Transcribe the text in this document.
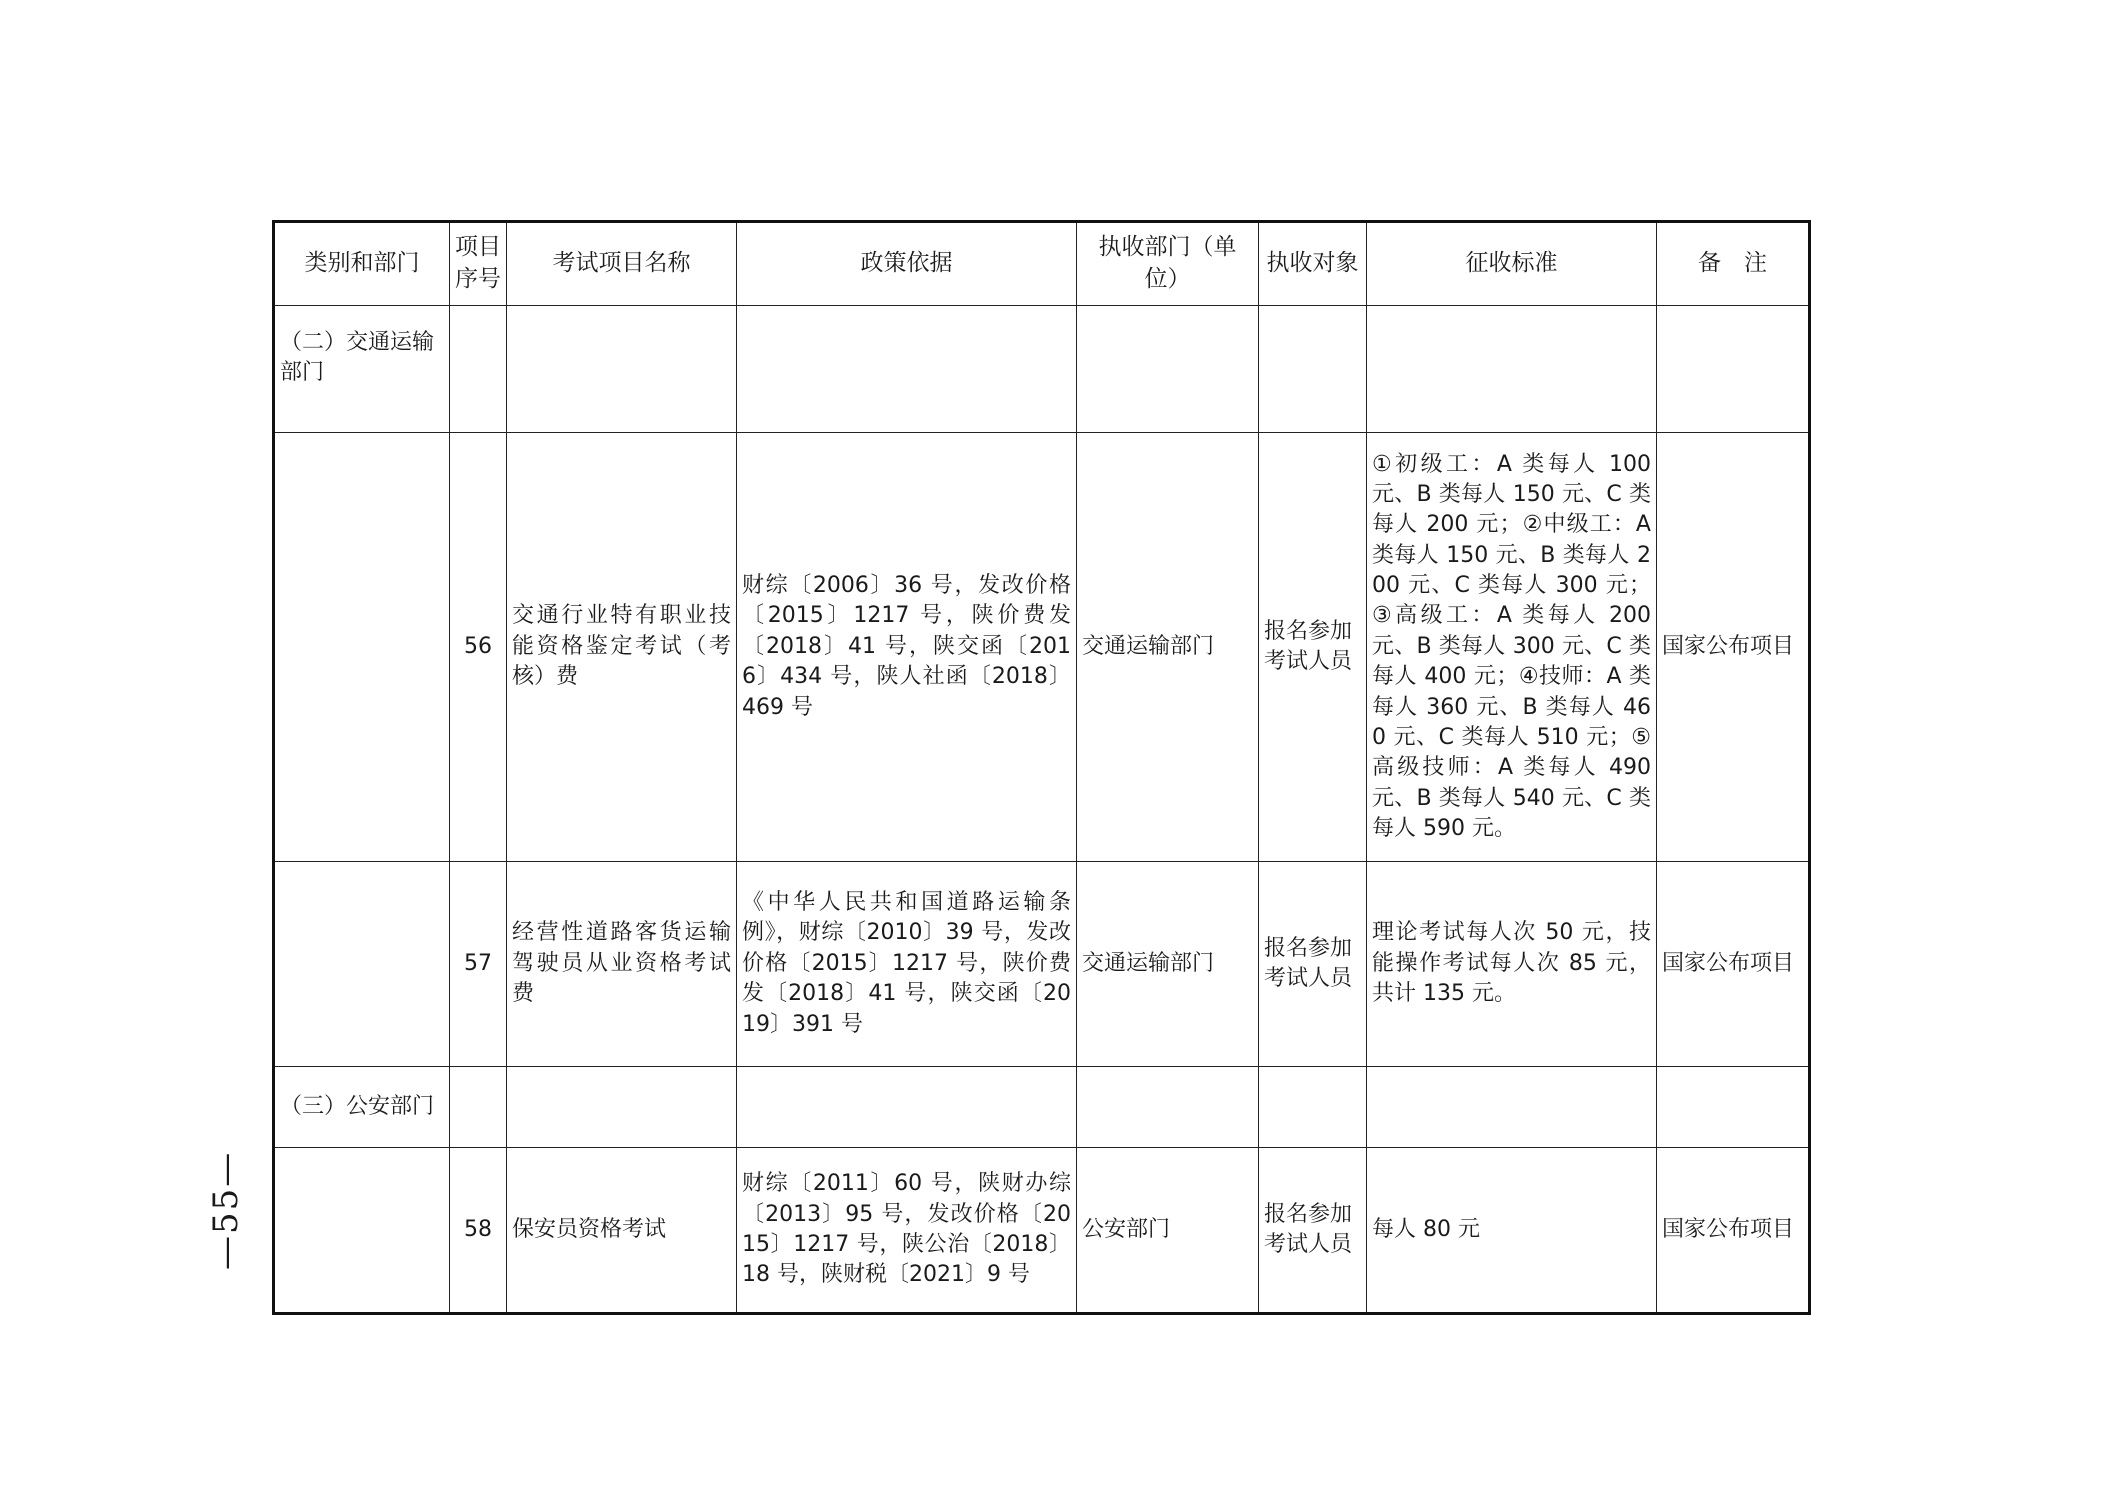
—55—
类别和部门	项目序号	考试项目名称	政策依据	执收部门（单位）	执收对象	征收标准	备　注
（二）交通运输部门							
	56	交通行业特有职业技能资格鉴定考试（考核）费	财综〔2006〕36 号，发改价格〔2015〕1217 号，陕价费发〔2018〕41 号，陕交函〔2016〕434 号，陕人社函〔2018〕469 号	交通运输部门	报名参加考试人员	①初级工：A 类每人 100 元、B 类每人 150 元、C 类每人 200 元；②中级工：A 类每人 150 元、B 类每人 200 元、C 类每人 300 元；③高级工：A 类每人 200 元、B 类每人 300 元、C 类每人 400 元；④技师：A 类每人 360 元、B 类每人 460 元、C 类每人 510 元；⑤高级技师：A 类每人 490 元、B 类每人 540 元、C 类每人 590 元。	国家公布项目
	57	经营性道路客货运输驾驶员从业资格考试费	《中华人民共和国道路运输条例》，财综〔2010〕39 号，发改价格〔2015〕1217 号，陕价费发〔2018〕41 号，陕交函〔2019〕391 号	交通运输部门	报名参加考试人员	理论考试每人次 50 元，技能操作考试每人次 85 元，共计 135 元。	国家公布项目
（三）公安部门							
	58	保安员资格考试	财综〔2011〕60 号，陕财办综〔2013〕95 号，发改价格〔2015〕1217 号，陕公治〔2018〕18 号，陕财税〔2021〕9 号	公安部门	报名参加考试人员	每人 80 元	国家公布项目
